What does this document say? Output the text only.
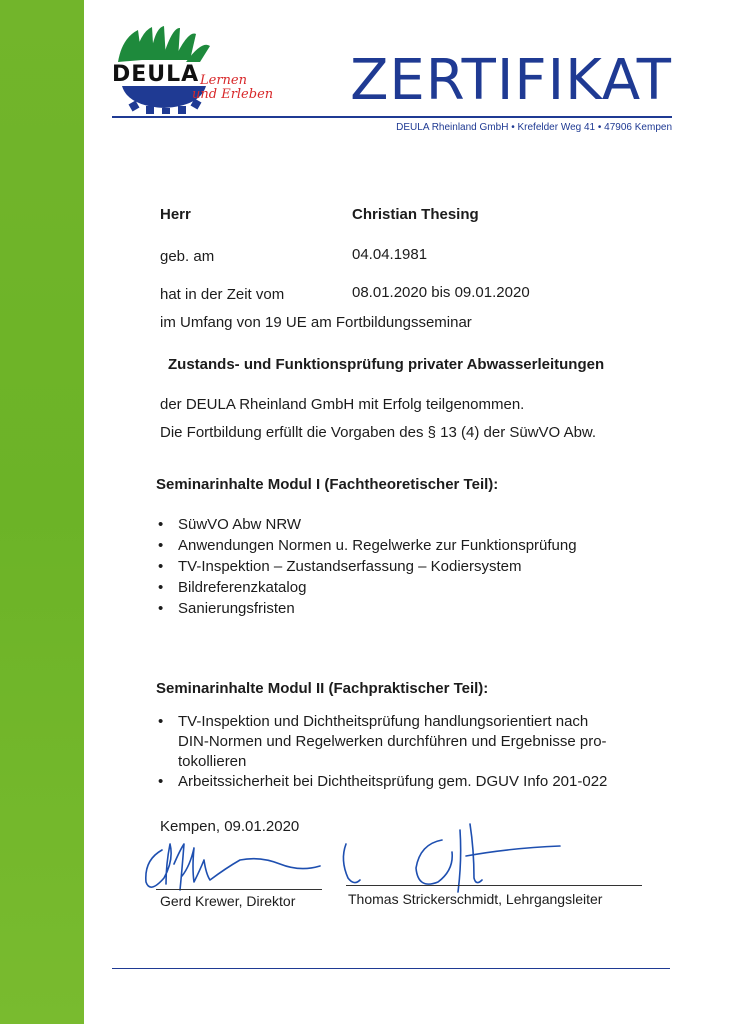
DEULA Lernen
und Erleben ZERTIFIKAT
DEULA Rheinland GmbH • Krefelder Weg 41 • 47906 Kempen
Herr	Christian Thesing
geb. am	04.04.1981
hat in der Zeit vom	08.01.2020 bis 09.01.2020
im Umfang von 19 UE am Fortbildungsseminar
Zustands- und Funktionsprüfung privater Abwasserleitungen
der DEULA Rheinland GmbH mit Erfolg teilgenommen.
Die Fortbildung erfüllt die Vorgaben des § 13 (4) der SüwVO Abw.
Seminarinhalte Modul I (Fachtheoretischer Teil):
• SüwVO Abw NRW
• Anwendungen Normen u. Regelwerke zur Funktionsprüfung
• TV-Inspektion – Zustandserfassung – Kodiersystem
• Bildreferenzkatalog
• Sanierungsfristen
Seminarinhalte Modul II (Fachpraktischer Teil):
• TV-Inspektion und Dichtheitsprüfung handlungsorientiert nach
DIN-Normen und Regelwerken durchführen und Ergebnisse pro-
tokollieren
• Arbeitssicherheit bei Dichtheitsprüfung gem. DGUV Info 201-022
Kempen, 09.01.2020
Gerd Krewer, Direktor	Thomas Strickerschmidt, Lehrgangsleiter
